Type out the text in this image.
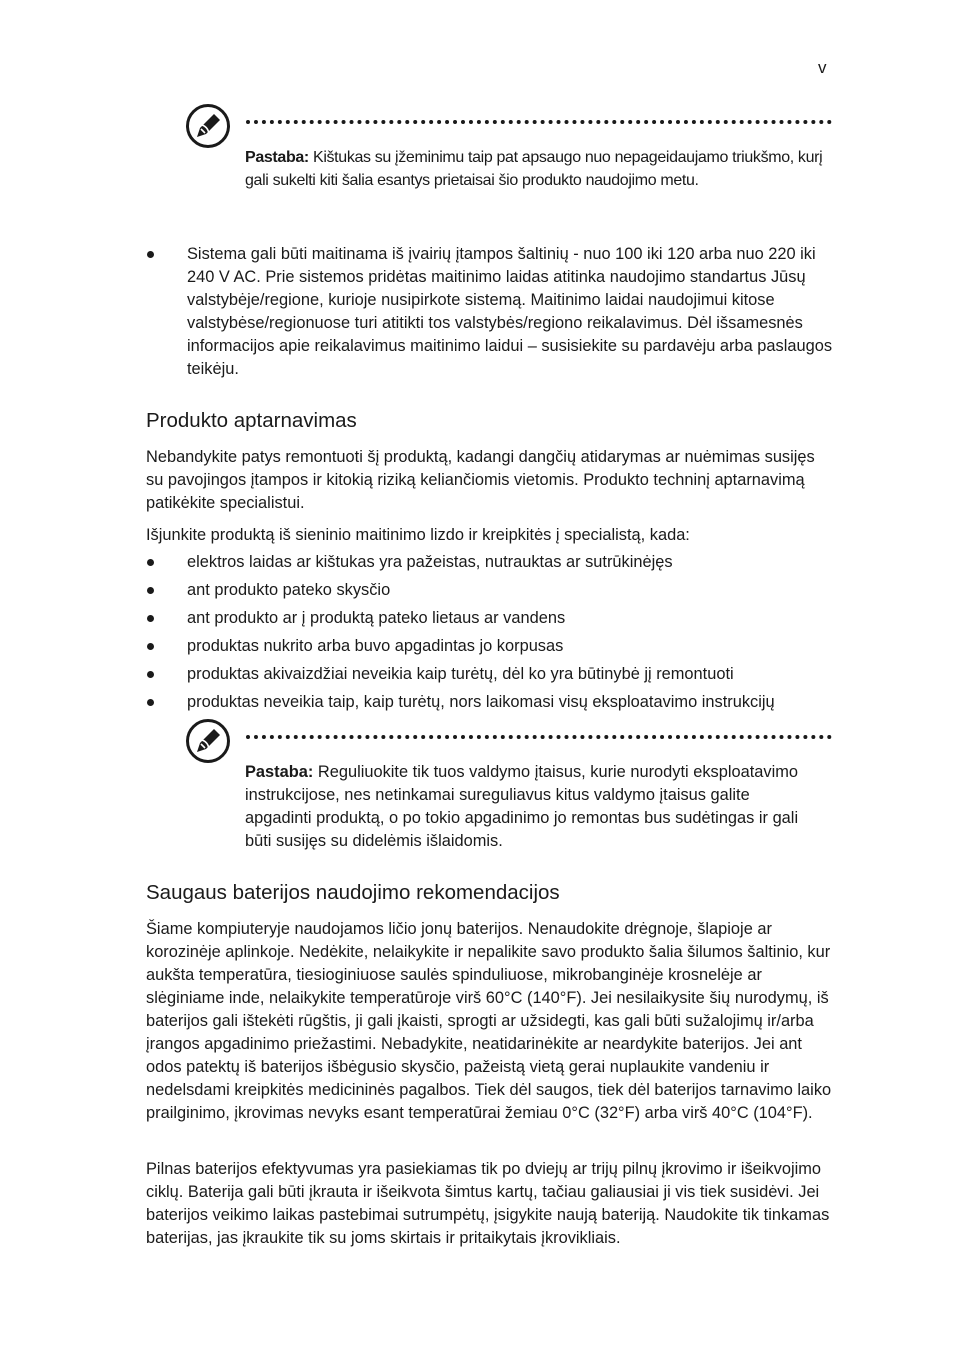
v
Pastaba: Kištukas su įžeminimu taip pat apsaugo nuo nepageidaujamo triukšmo, kurį gali sukelti kiti šalia esantys prietaisai šio produkto naudojimo metu.
Sistema gali būti maitinama iš įvairių įtampos šaltinių - nuo 100 iki 120 arba nuo 220 iki 240 V AC. Prie sistemos pridėtas maitinimo laidas atitinka naudojimo standartus Jūsų valstybėje/regione, kurioje nusipirkote sistemą. Maitinimo laidai naudojimui kitose valstybėse/regionuose turi atitikti tos valstybės/regiono reikalavimus. Dėl išsamesnės informacijos apie reikalavimus maitinimo laidui – susisiekite su pardavėju arba paslaugos teikėju.
Produkto aptarnavimas

Nebandykite patys remontuoti šį produktą, kadangi dangčių atidarymas ar nuėmimas susijęs su pavojingos įtampos ir kitokią riziką keliančiomis vietomis. Produkto techninį aptarnavimą patikėkite specialistui.

Išjunkite produktą iš sieninio maitinimo lizdo ir kreipkitės į specialistą, kada:

elektros laidas ar kištukas yra pažeistas, nutrauktas ar sutrūkinėjęs
ant produkto pateko skysčio
ant produkto ar į produktą pateko lietaus ar vandens
produktas nukrito arba buvo apgadintas jo korpusas
produktas akivaizdžiai neveikia kaip turėtų, dėl ko yra būtinybė jį remontuoti
produktas neveikia taip, kaip turėtų, nors laikomasi visų eksploatavimo instrukcijų
Pastaba: Reguliuokite tik tuos valdymo įtaisus, kurie nurodyti eksploatavimo instrukcijose, nes netinkamai sureguliavus kitus valdymo įtaisus galite apgadinti produktą, o po tokio apgadinimo jo remontas bus sudėtingas ir gali būti susijęs su didelėmis išlaidomis.
Saugaus baterijos naudojimo rekomendacijos

Šiame kompiuteryje naudojamos ličio jonų baterijos. Nenaudokite drėgnoje, šlapioje ar korozinėje aplinkoje. Nedėkite, nelaikykite ir nepalikite savo produkto šalia šilumos šaltinio, kur aukšta temperatūra, tiesioginiuose saulės spinduliuose, mikrobanginėje krosnelėje ar slėginiame inde, nelaikykite temperatūroje virš 60°C (140°F). Jei nesilaikysite šių nurodymų, iš baterijos gali ištekėti rūgštis, ji gali įkaisti, sprogti ar užsidegti, kas gali būti sužalojimų ir/arba įrangos apgadinimo priežastimi. Nebadykite, neatidarinėkite ar neardykite baterijos. Jei ant odos patektų iš baterijos išbėgusio skysčio, pažeistą vietą gerai nuplaukite vandeniu ir nedelsdami kreipkitės medicininės pagalbos. Tiek dėl saugos, tiek dėl baterijos tarnavimo laiko prailginimo, įkrovimas nevyks esant temperatūrai žemiau 0°C (32°F) arba virš 40°C (104°F).

Pilnas baterijos efektyvumas yra pasiekiamas tik po dviejų ar trijų pilnų įkrovimo ir išeikvojimo ciklų. Baterija gali būti įkrauta ir išeikvota šimtus kartų, tačiau galiausiai ji vis tiek susidėvi. Jei baterijos veikimo laikas pastebimai sutrumpėtų, įsigykite naują bateriją. Naudokite tik tinkamas baterijas, jas įkraukite tik su joms skirtais ir pritaikytais įkrovikliais.
